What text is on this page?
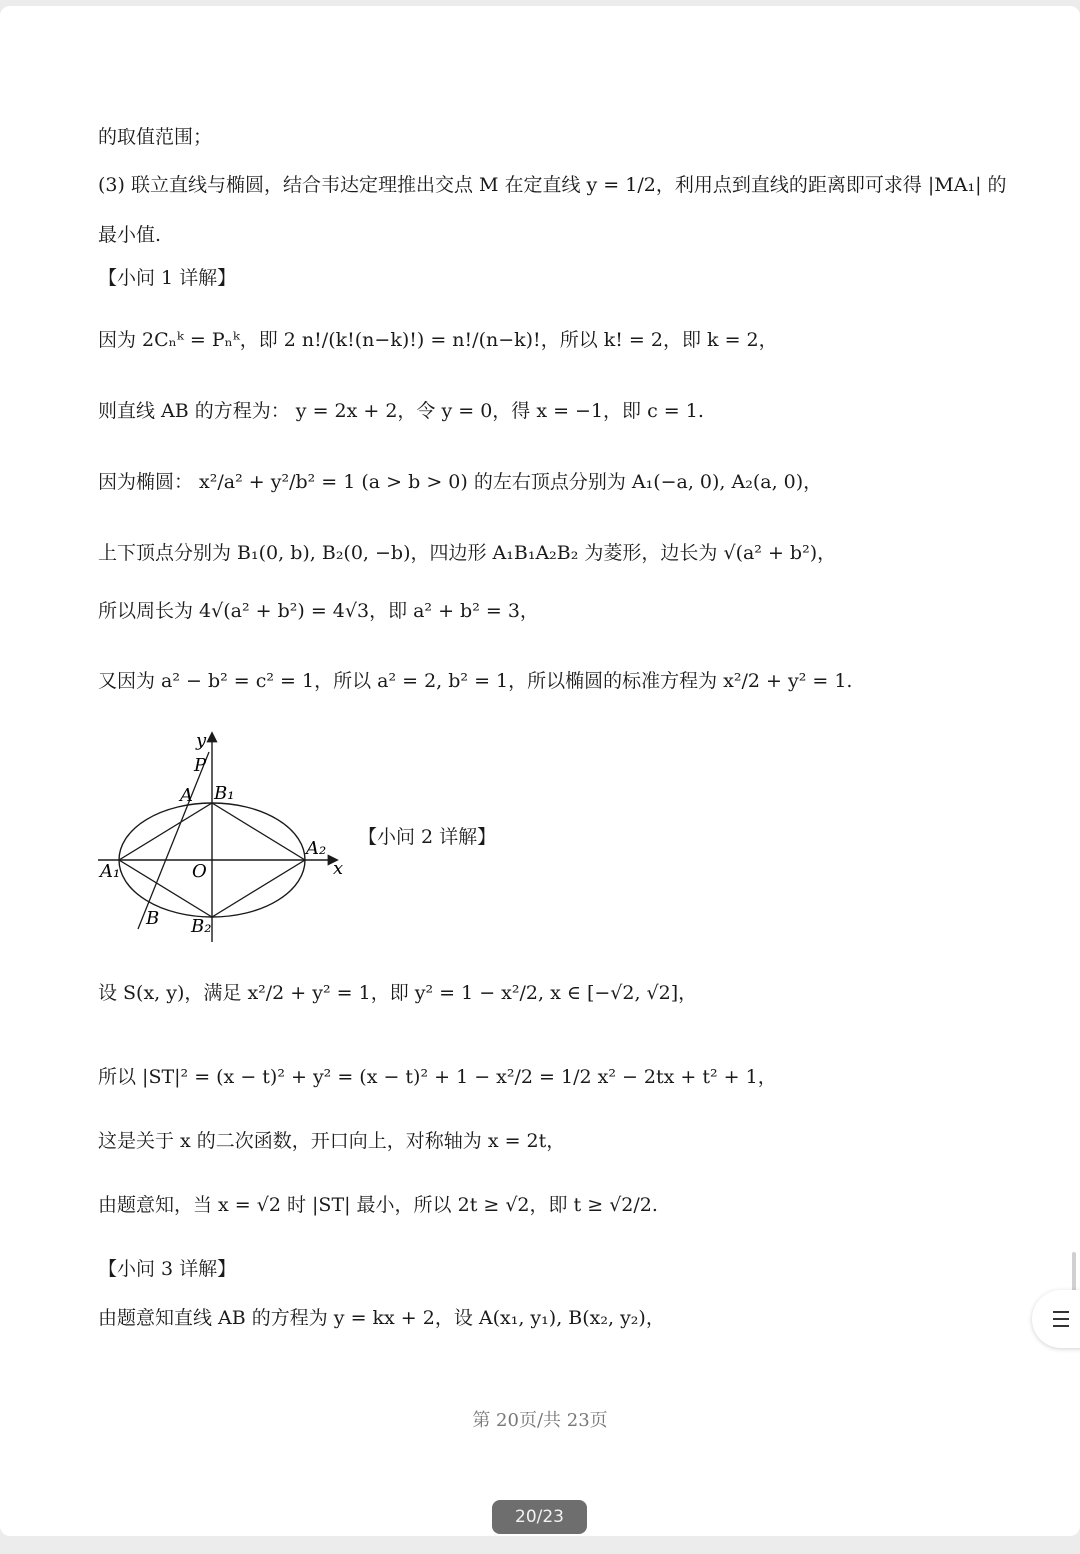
的取值范围；
(3) 联立直线与椭圆，结合韦达定理推出交点 M 在定直线 y = 1/2，利用点到直线的距离即可求得 |MA₁| 的
最小值.
【小问 1 详解】
因为 2Cₙᵏ = Pₙᵏ，即 2 n!/(k!(n−k)!) = n!/(n−k)!，所以 k! = 2，即 k = 2，
则直线 AB 的方程为： y = 2x + 2，令 y = 0，得 x = −1，即 c = 1.
因为椭圆： x²/a² + y²/b² = 1 (a > b > 0) 的左右顶点分别为 A₁(−a, 0), A₂(a, 0)，
上下顶点分别为 B₁(0, b), B₂(0, −b)，四边形 A₁B₁A₂B₂ 为菱形，边长为 √(a² + b²)，
所以周长为 4√(a² + b²) = 4√3，即 a² + b² = 3，
又因为 a² − b² = c² = 1，所以 a² = 2, b² = 1，所以椭圆的标准方程为 x²/2 + y² = 1.
y
x
P
A B₁
A₂
A₁	O
B B₂
【小问 2 详解】
设 S(x, y)，满足 x²/2 + y² = 1，即 y² = 1 − x²/2, x ∈ [−√2, √2]，
所以 |ST|² = (x − t)² + y² = (x − t)² + 1 − x²/2 = 1/2 x² − 2tx + t² + 1，
这是关于 x 的二次函数，开口向上，对称轴为 x = 2t，
由题意知，当 x = √2 时 |ST| 最小，所以 2t ≥ √2，即 t ≥ √2/2.
【小问 3 详解】
由题意知直线 AB 的方程为 y = kx + 2，设 A(x₁, y₁), B(x₂, y₂)，
第 20页/共 23页
20/23
